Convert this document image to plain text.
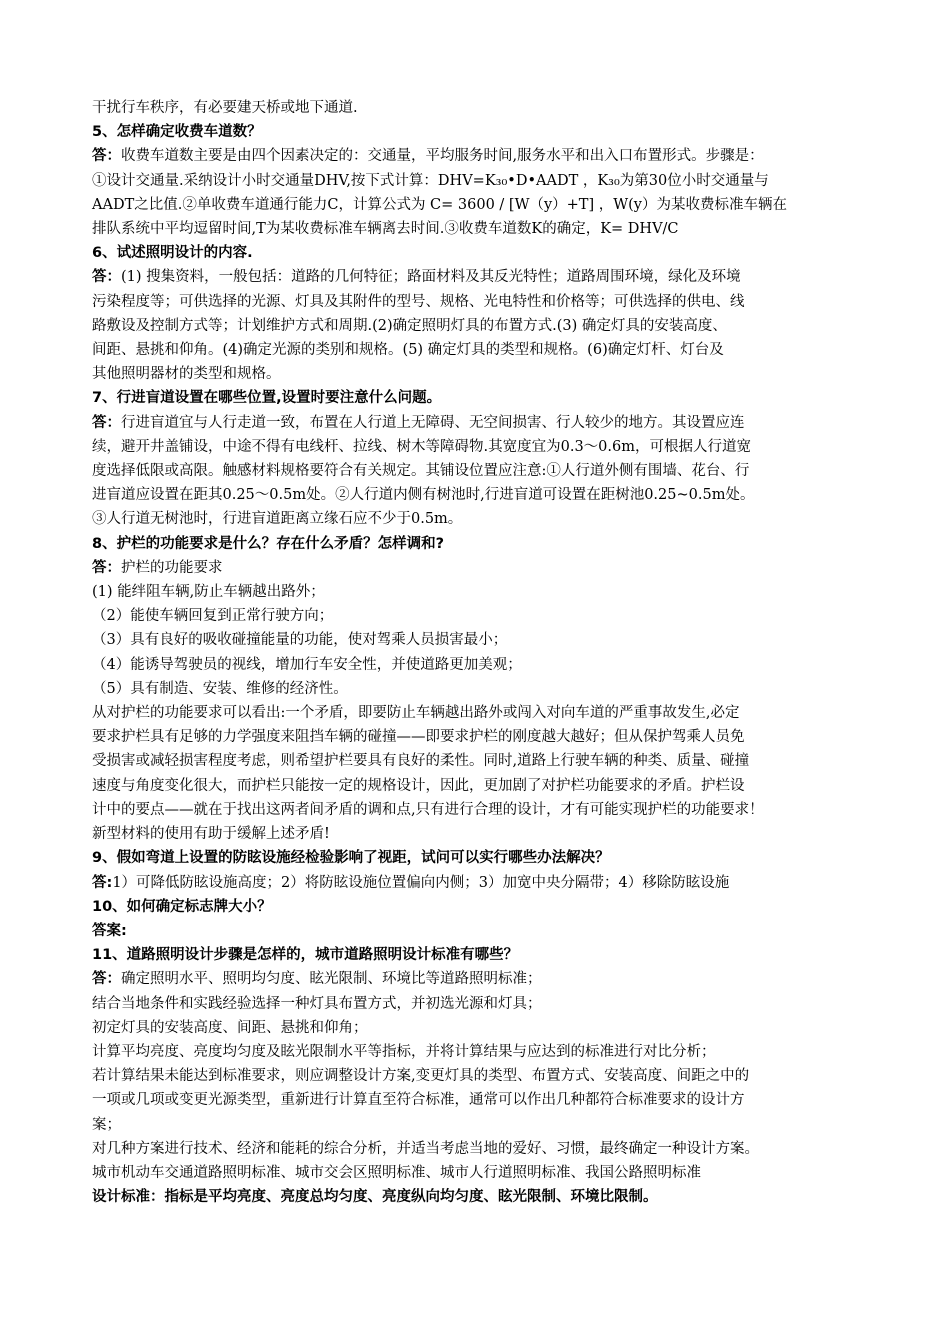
干扰行车秩序，有必要建天桥或地下通道.
5、怎样确定收费车道数？
答：收费车道数主要是由四个因素决定的：交通量，平均服务时间,服务水平和出入口布置形式。步骤是：
①设计交通量.采纳设计小时交通量DHV,按下式计算：DHV=K₃₀•D•AADT ，K₃₀为第30位小时交通量与
AADT之比值.②单收费车道通行能力C，计算公式为 C= 3600 / [W（y）+T] ，W(y）为某收费标准车辆在
排队系统中平均逗留时间,T为某收费标准车辆离去时间.③收费车道数K的确定，K= DHV/C
6、试述照明设计的内容.
答：(1) 搜集资料，一般包括：道路的几何特征；路面材料及其反光特性；道路周围环境，绿化及环境
污染程度等；可供选择的光源、灯具及其附件的型号、规格、光电特性和价格等；可供选择的供电、线
路敷设及控制方式等；计划维护方式和周期.(2)确定照明灯具的布置方式.(3) 确定灯具的安装高度、
间距、悬挑和仰角。(4)确定光源的类别和规格。(5) 确定灯具的类型和规格。(6)确定灯杆、灯台及
其他照明器材的类型和规格。
7、行进盲道设置在哪些位置,设置时要注意什么问题。
答：行进盲道宜与人行走道一致，布置在人行道上无障碍、无空间损害、行人较少的地方。其设置应连
续，避开井盖铺设，中途不得有电线杆、拉线、树木等障碍物.其宽度宜为0.3～0.6m，可根据人行道宽
度选择低限或高限。触感材料规格要符合有关规定。其铺设位置应注意:①人行道外侧有围墙、花台、行
进盲道应设置在距其0.25～0.5m处。②人行道内侧有树池时,行进盲道可设置在距树池0.25~0.5m处。
③人行道无树池时，行进盲道距离立缘石应不少于0.5m。
8、护栏的功能要求是什么？存在什么矛盾？怎样调和?
答：护栏的功能要求
(1) 能绊阻车辆,防止车辆越出路外；
（2）能使车辆回复到正常行驶方向；
（3）具有良好的吸收碰撞能量的功能，使对驾乘人员损害最小；
（4）能诱导驾驶员的视线，增加行车安全性，并使道路更加美观；
（5）具有制造、安装、维修的经济性。
从对护栏的功能要求可以看出:一个矛盾，即要防止车辆越出路外或闯入对向车道的严重事故发生,必定
要求护栏具有足够的力学强度来阻挡车辆的碰撞——即要求护栏的刚度越大越好；但从保护驾乘人员免
受损害或减轻损害程度考虑，则希望护栏要具有良好的柔性。同时,道路上行驶车辆的种类、质量、碰撞
速度与角度变化很大，而护栏只能按一定的规格设计，因此，更加剧了对护栏功能要求的矛盾。护栏设
计中的要点——就在于找出这两者间矛盾的调和点,只有进行合理的设计，才有可能实现护栏的功能要求！
新型材料的使用有助于缓解上述矛盾!
9、假如弯道上设置的防眩设施经检验影响了视距，试问可以实行哪些办法解决？
答:1）可降低防眩设施高度；2）将防眩设施位置偏向内侧；3）加宽中央分隔带；4）移除防眩设施
10、如何确定标志牌大小？
答案:
11、道路照明设计步骤是怎样的，城市道路照明设计标准有哪些？
答：确定照明水平、照明均匀度、眩光限制、环境比等道路照明标准；
结合当地条件和实践经验选择一种灯具布置方式，并初选光源和灯具；
初定灯具的安装高度、间距、悬挑和仰角；
计算平均亮度、亮度均匀度及眩光限制水平等指标，并将计算结果与应达到的标准进行对比分析；
若计算结果未能达到标准要求，则应调整设计方案,变更灯具的类型、布置方式、安装高度、间距之中的
一项或几项或变更光源类型，重新进行计算直至符合标准，通常可以作出几种都符合标准要求的设计方
案；
对几种方案进行技术、经济和能耗的综合分析，并适当考虑当地的爱好、习惯，最终确定一种设计方案。
城市机动车交通道路照明标准、城市交会区照明标准、城市人行道照明标准、我国公路照明标准
设计标准：指标是平均亮度、亮度总均匀度、亮度纵向均匀度、眩光限制、环境比限制。
